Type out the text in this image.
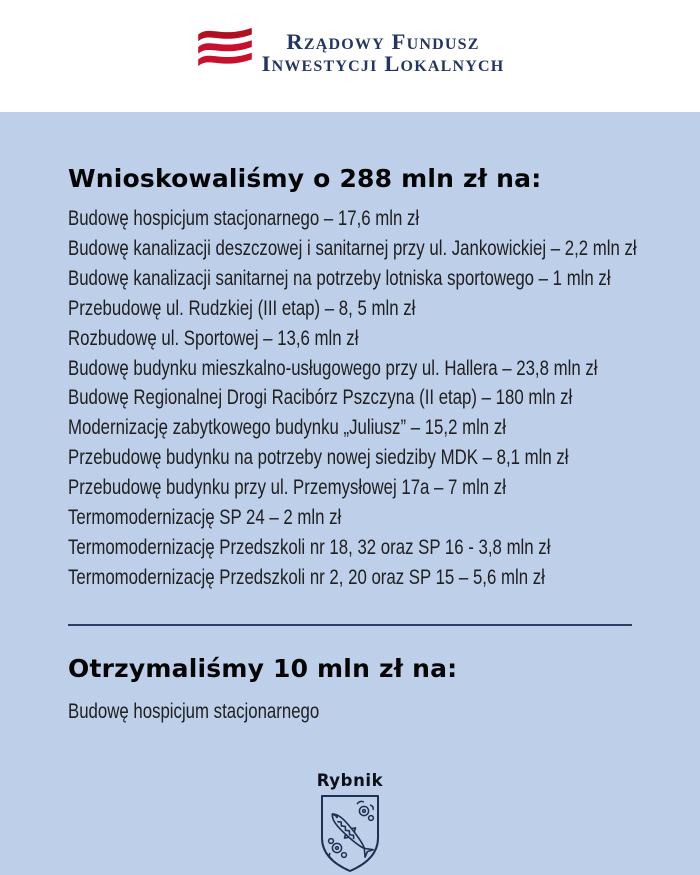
Rządowy Fundusz
Inwestycji Lokalnych
Wnioskowaliśmy o 288 mln zł na:
Budowę hospicjum stacjonarnego – 17,6 mln zł
Budowę kanalizacji deszczowej i sanitarnej przy ul. Jankowickiej – 2,2 mln zł
Budowę kanalizacji sanitarnej na potrzeby lotniska sportowego – 1 mln zł
Przebudowę ul. Rudzkiej (III etap) – 8, 5 mln zł
Rozbudowę ul. Sportowej – 13,6 mln zł
Budowę budynku mieszkalno-usługowego przy ul. Hallera – 23,8 mln zł
Budowę Regionalnej Drogi Racibórz Pszczyna (II etap) – 180 mln zł
Modernizację zabytkowego budynku „Juliusz” – 15,2 mln zł
Przebudowę budynku na potrzeby nowej siedziby MDK – 8,1 mln zł
Przebudowę budynku przy ul. Przemysłowej 17a – 7 mln zł
Termomodernizację SP 24 – 2 mln zł
Termomodernizację Przedszkoli nr 18, 32 oraz SP 16 - 3,8 mln zł
Termomodernizację Przedszkoli nr 2, 20 oraz SP 15 – 5,6 mln zł
Otrzymaliśmy 10 mln zł na:
Budowę hospicjum stacjonarnego
Rybnik
